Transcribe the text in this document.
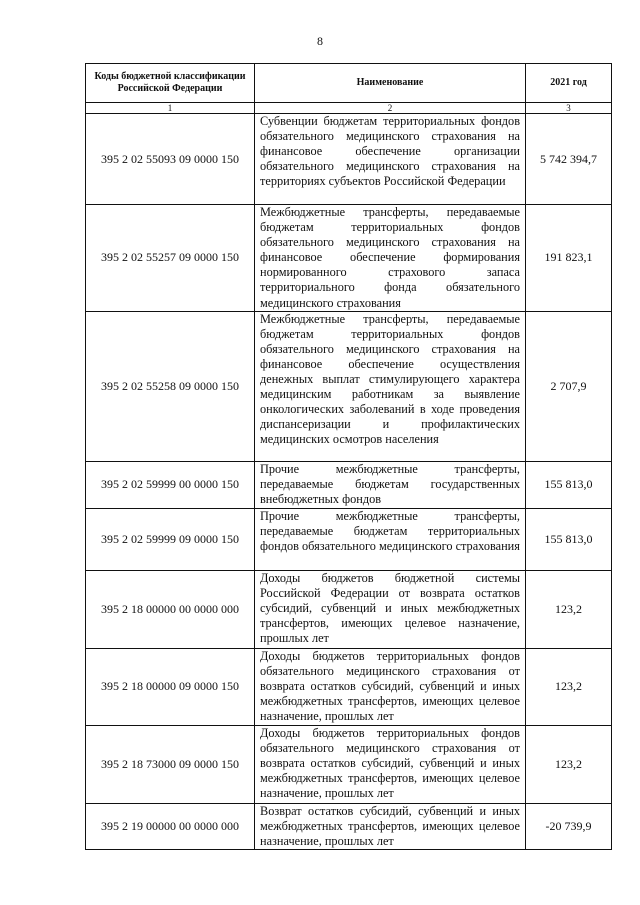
8
Коды бюджетной классификации Российской Федерации	Наименование	2021 год
1	2	3
395 2 02 55093 09 0000 150	Субвенции бюджетам территориальных фондов обязательного медицинского страхования на финансовое обеспечение организации обязательного медицинского страхования на территориях субъектов Российской Федерации	5 742 394,7
395 2 02 55257 09 0000 150	Межбюджетные трансферты, передаваемые бюджетам территориальных фондов обязательного медицинского страхования на финансовое обеспечение формирования нормированного страхового запаса территориального фонда обязательного медицинского страхования	191 823,1
395 2 02 55258 09 0000 150	Межбюджетные трансферты, передаваемые бюджетам территориальных фондов обязательного медицинского страхования на финансовое обеспечение осуществления денежных выплат стимулирующего характера медицинским работникам за выявление онкологических заболеваний в ходе проведения диспансеризации и профилактических медицинских осмотров населения	2 707,9
395 2 02 59999 00 0000 150	Прочие межбюджетные трансферты, передаваемые бюджетам государственных внебюджетных фондов	155 813,0
395 2 02 59999 09 0000 150	Прочие межбюджетные трансферты, передаваемые бюджетам территориальных фондов обязательного медицинского страхования	155 813,0
395 2 18 00000 00 0000 000	Доходы бюджетов бюджетной системы Российской Федерации от возврата остатков субсидий, субвенций и иных межбюджетных трансфертов, имеющих целевое назначение, прошлых лет	123,2
395 2 18 00000 09 0000 150	Доходы бюджетов территориальных фондов обязательного медицинского страхования от возврата остатков субсидий, субвенций и иных межбюджетных трансфертов, имеющих целевое назначение, прошлых лет	123,2
395 2 18 73000 09 0000 150	Доходы бюджетов территориальных фондов обязательного медицинского страхования от возврата остатков субсидий, субвенций и иных межбюджетных трансфертов, имеющих целевое назначение, прошлых лет	123,2
395 2 19 00000 00 0000 000	Возврат остатков субсидий, субвенций и иных межбюджетных трансфертов, имеющих целевое назначение, прошлых лет	-20 739,9
